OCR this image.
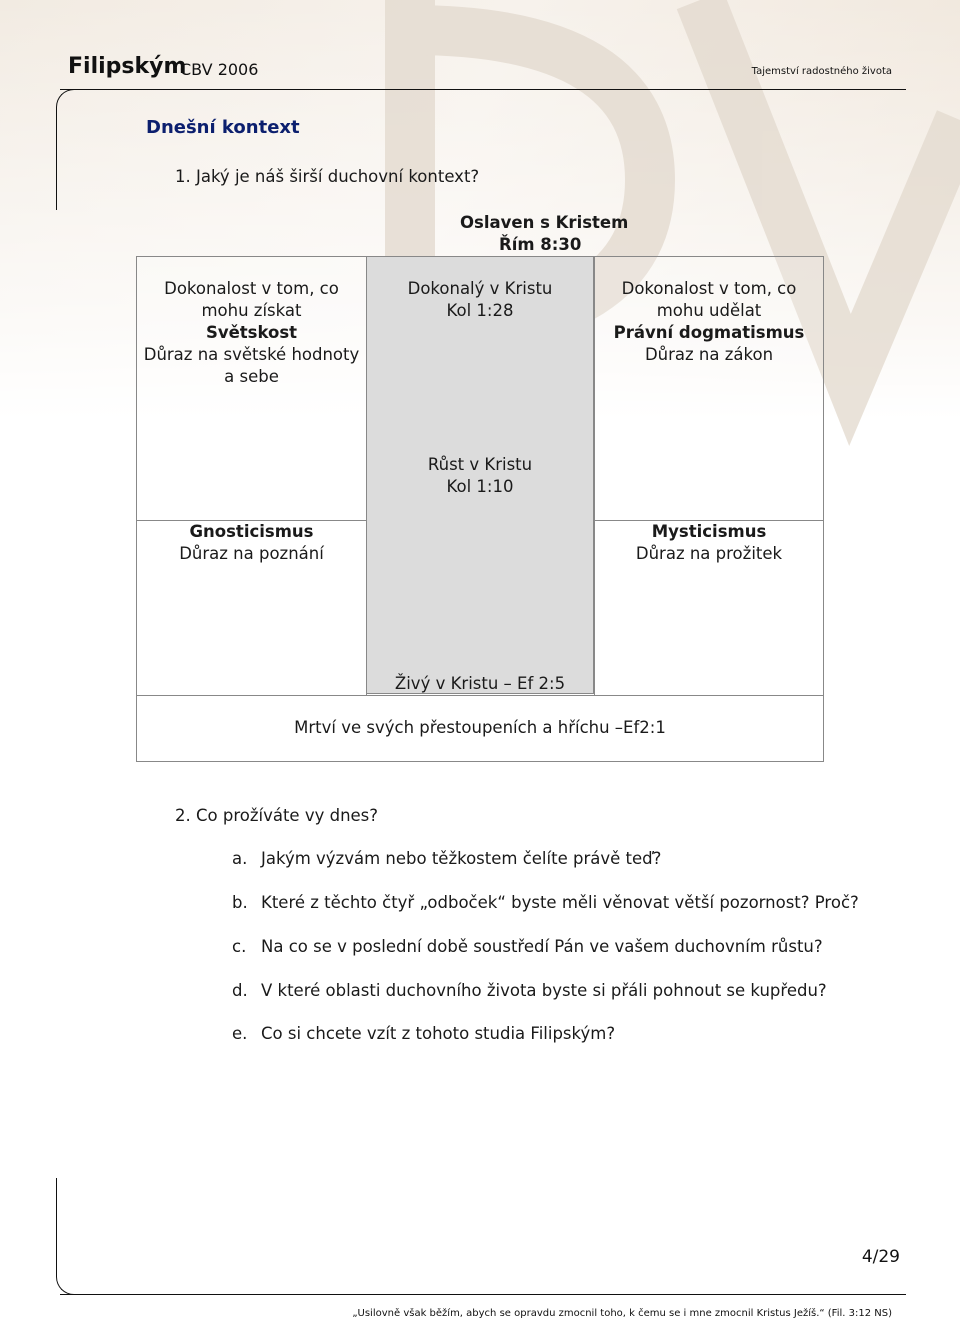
Filipským
CBV 2006	Tajemství radostného života
Dnešní kontext
1. Jaký je náš širší duchovní kontext?
Oslaven s Kristem
Řím 8:30
Dokonalost v tom, co
mohu získat
Světskost
Důraz na světské hodnoty
a sebe
Dokonalost v tom, co
mohu udělat
Právní dogmatismus
Důraz na zákon
Gnosticismus
Důraz na poznání
Mysticismus
Důraz na prožitek
Dokonalý v Kristu
Kol 1:28
Růst v Kristu
Kol 1:10
Živý v Kristu – Ef 2:5
Mrtví ve svých přestoupeních a hříchu –Ef2:1
2. Co prožíváte vy dnes?
a. Jakým výzvám nebo těžkostem čelíte právě teď?
b. Které z těchto čtyř „odboček“ byste měli věnovat větší pozornost? Proč?
c. Na co se v poslední době soustředí Pán ve vašem duchovním růstu?
d. V které oblasti duchovního života byste si přáli pohnout se kupředu?
e. Co si chcete vzít z tohoto studia Filipským?
4/29
„Usilovně však běžím, abych se opravdu zmocnil toho, k čemu se i mne zmocnil Kristus Ježíš.“ (Fil. 3:12 NS)
